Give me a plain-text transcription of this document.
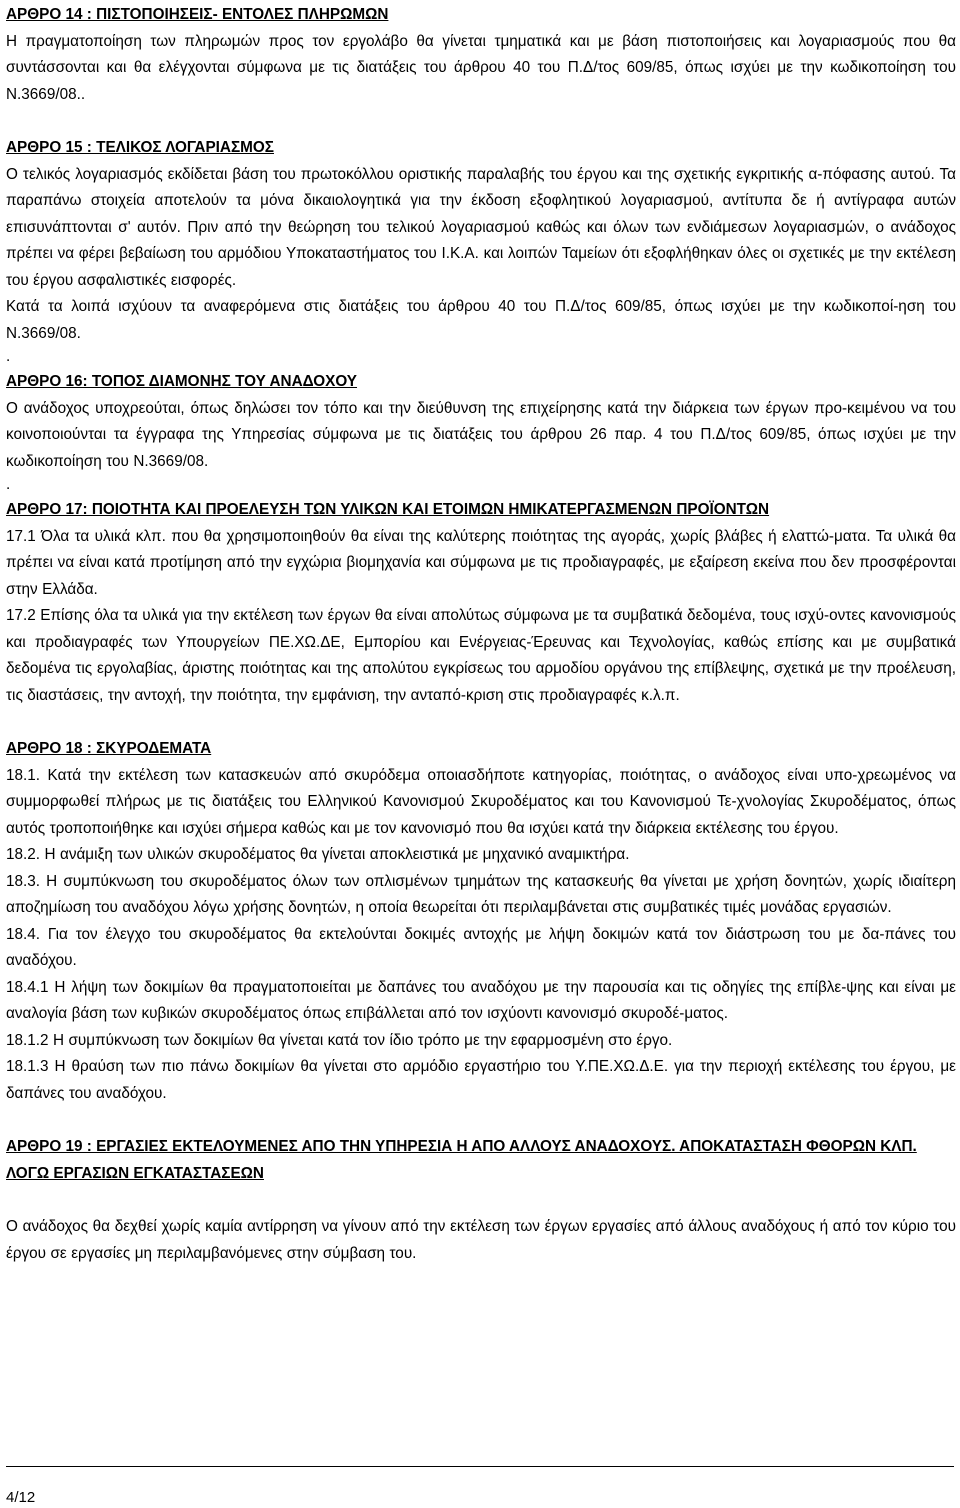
ΑΡΘΡΟ 14 : ΠΙΣΤΟΠΟΙΗΣΕΙΣ- ΕΝΤΟΛΕΣ ΠΛΗΡΩΜΩΝ
Η πραγματοποίηση των πληρωμών προς τον εργολάβο θα γίνεται τμηματικά και με βάση πιστοποιήσεις και λογαριασμούς που θα συντάσσονται και θα ελέγχονται σύμφωνα με τις διατάξεις του άρθρου 40 του Π.Δ/τος 609/85, όπως ισχύει με την κωδικοποίηση του Ν.3669/08..
ΑΡΘΡΟ 15 : ΤΕΛΙΚΟΣ ΛΟΓΑΡΙΑΣΜΟΣ
Ο τελικός λογαριασμός εκδίδεται βάση του πρωτοκόλλου οριστικής παραλαβής του έργου και της σχετικής εγκριτικής α-πόφασης αυτού. Τα παραπάνω στοιχεία αποτελούν τα μόνα δικαιολογητικά για την έκδοση εξοφλητικού λογαριασμού, αντίτυπα δε ή αντίγραφα αυτών επισυνάπτονται σ' αυτόν. Πριν από την θεώρηση του τελικού λογαριασμού καθώς και όλων των ενδιάμεσων λογαριασμών, ο ανάδοχος πρέπει να φέρει βεβαίωση του αρμόδιου Υποκαταστήματος του Ι.Κ.Α. και λοιπών Ταμείων ότι εξοφλήθηκαν όλες οι σχετικές με την εκτέλεση του έργου ασφαλιστικές εισφορές.
Κατά τα λοιπά ισχύουν τα αναφερόμενα στις διατάξεις του άρθρου 40 του Π.Δ/τος 609/85, όπως ισχύει με την κωδικοποί-ηση του Ν.3669/08.
.
ΑΡΘΡΟ 16: ΤΟΠΟΣ ΔΙΑΜΟΝΗΣ ΤΟΥ ΑΝΑΔΟΧΟΥ
Ο ανάδοχος υποχρεούται, όπως δηλώσει τον τόπο και την διεύθυνση της επιχείρησης κατά την διάρκεια των έργων προ-κειμένου να του κοινοποιούνται τα έγγραφα της Υπηρεσίας σύμφωνα με τις διατάξεις του άρθρου 26 παρ. 4 του Π.Δ/τος 609/85, όπως ισχύει με την κωδικοποίηση του Ν.3669/08.
.
ΑΡΘΡΟ 17: ΠΟΙΟΤΗΤΑ ΚΑΙ ΠΡΟΕΛΕΥΣΗ ΤΩΝ ΥΛΙΚΩΝ ΚΑΙ ΕΤΟΙΜΩΝ ΗΜΙΚΑΤΕΡΓΑΣΜΕΝΩΝ ΠΡΟΪΟΝΤΩΝ
17.1 Όλα τα υλικά κλπ. που θα χρησιμοποιηθούν θα είναι της καλύτερης ποιότητας της αγοράς, χωρίς βλάβες ή ελαττώ-ματα. Τα υλικά θα πρέπει να είναι κατά προτίμηση από την εγχώρια βιομηχανία και σύμφωνα με τις προδιαγραφές, με εξαίρεση εκείνα που δεν προσφέρονται στην Ελλάδα.
17.2 Επίσης όλα τα υλικά για την εκτέλεση των έργων θα είναι απολύτως σύμφωνα με τα συμβατικά δεδομένα, τους ισχύ-οντες κανονισμούς και προδιαγραφές των Υπουργείων ΠΕ.ΧΩ.ΔΕ, Εμπορίου και Ενέργειας-Έρευνας και Τεχνολογίας, καθώς επίσης και με συμβατικά δεδομένα τις εργολαβίας, άριστης ποιότητας και της απολύτου εγκρίσεως του αρμοδίου οργάνου της επίβλεψης, σχετικά με την προέλευση, τις διαστάσεις, την αντοχή, την ποιότητα, την εμφάνιση, την ανταπό-κριση στις προδιαγραφές κ.λ.π.
ΑΡΘΡΟ 18 : ΣΚΥΡΟΔΕΜΑΤΑ
18.1. Κατά την εκτέλεση των κατασκευών από σκυρόδεμα οποιασδήποτε κατηγορίας, ποιότητας, ο ανάδοχος είναι υπο-χρεωμένος να συμμορφωθεί πλήρως με τις διατάξεις του Ελληνικού Κανονισμού Σκυροδέματος και του Κανονισμού Τε-χνολογίας Σκυροδέματος, όπως αυτός τροποποιήθηκε και ισχύει σήμερα καθώς και με τον κανονισμό που θα ισχύει κατά την διάρκεια εκτέλεσης του έργου.
18.2. Η ανάμιξη των υλικών σκυροδέματος θα γίνεται αποκλειστικά με μηχανικό αναμικτήρα.
18.3. Η συμπύκνωση του σκυροδέματος όλων των οπλισμένων τμημάτων της κατασκευής θα γίνεται με χρήση δονητών, χωρίς ιδιαίτερη αποζημίωση του αναδόχου λόγω χρήσης δονητών, η οποία θεωρείται ότι περιλαμβάνεται στις συμβατικές τιμές μονάδας εργασιών.
18.4. Για τον έλεγχο του σκυροδέματος θα εκτελούνται δοκιμές αντοχής με λήψη δοκιμών κατά τον διάστρωση του με δα-πάνες του αναδόχου.
18.4.1 Η λήψη των δοκιμίων θα πραγματοποιείται με δαπάνες του αναδόχου με την παρουσία και τις οδηγίες της επίβλε-ψης και είναι με αναλογία βάση των κυβικών σκυροδέματος όπως επιβάλλεται από τον ισχύοντι κανονισμό σκυροδέ-ματος.
18.1.2 Η συμπύκνωση των δοκιμίων θα γίνεται κατά τον ίδιο τρόπο με την εφαρμοσμένη στο έργο.
18.1.3 Η θραύση των πιο πάνω δοκιμίων θα γίνεται στο αρμόδιο εργαστήριο του Υ.ΠΕ.ΧΩ.Δ.Ε. για την περιοχή εκτέλεσης του έργου, με δαπάνες του αναδόχου.
ΑΡΘΡΟ 19 : ΕΡΓΑΣΙΕΣ ΕΚΤΕΛΟΥΜΕΝΕΣ ΑΠΟ ΤΗΝ ΥΠΗΡΕΣΙΑ Η ΑΠΟ ΑΛΛΟΥΣ ΑΝΑΔΟΧΟΥΣ. ΑΠΟΚΑΤΑΣΤΑΣΗ ΦΘΟΡΩΝ ΚΛΠ. ΛΟΓΩ ΕΡΓΑΣΙΩΝ ΕΓΚΑΤΑΣΤΑΣΕΩΝ
Ο ανάδοχος θα δεχθεί χωρίς καμία αντίρρηση να γίνουν από την εκτέλεση των έργων εργασίες από άλλους αναδόχους ή από τον κύριο του έργου σε εργασίες μη περιλαμβανόμενες στην σύμβαση του.
4/12
